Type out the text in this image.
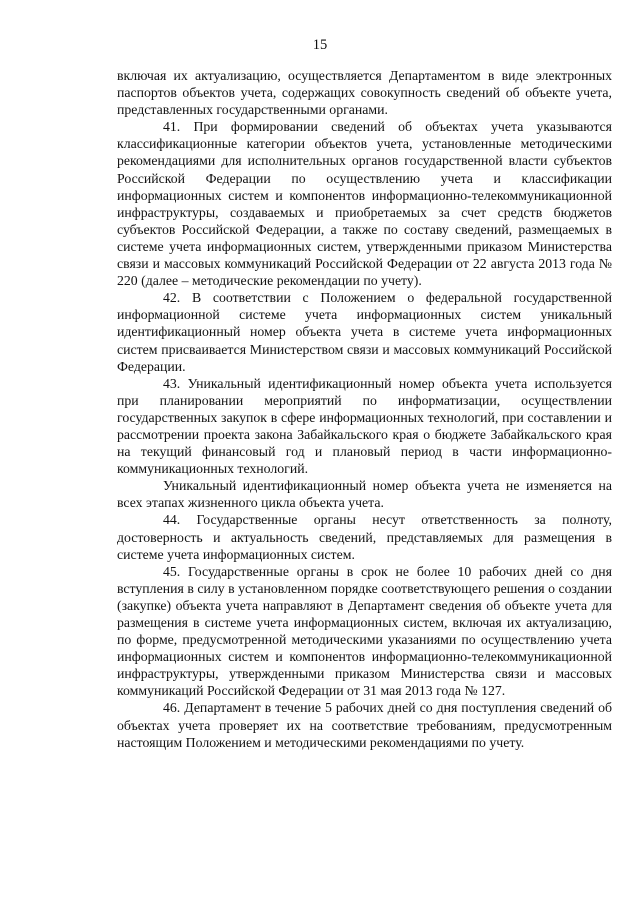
15

включая их актуализацию, осуществляется Департаментом в виде электронных паспортов объектов учета, содержащих совокупность сведений об объекте учета, представленных государственными органами.

41. При формировании сведений об объектах учета указываются классификационные категории объектов учета, установленные методическими рекомендациями для исполнительных органов государственной власти субъектов Российской Федерации по осуществлению учета и классификации информационных систем и компонентов информационно-телекоммуникационной инфраструктуры, создаваемых и приобретаемых за счет средств бюджетов субъектов Российской Федерации, а также по составу сведений, размещаемых в системе учета информационных систем, утвержденными приказом Министерства связи и массовых коммуникаций Российской Федерации от 22 августа 2013 года № 220 (далее – методические рекомендации по учету).

42. В соответствии с Положением о федеральной государственной информационной системе учета информационных систем уникальный идентификационный номер объекта учета в системе учета информационных систем присваивается Министерством связи и массовых коммуникаций Российской Федерации.

43. Уникальный идентификационный номер объекта учета используется при планировании мероприятий по информатизации, осуществлении государственных закупок в сфере информационных технологий, при составлении и рассмотрении проекта закона Забайкальского края о бюджете Забайкальского края на текущий финансовый год и плановый период в части информационно-коммуникационных технологий.

Уникальный идентификационный номер объекта учета не изменяется на всех этапах жизненного цикла объекта учета.

44. Государственные органы несут ответственность за полноту, достоверность и актуальность сведений, представляемых для размещения в системе учета информационных систем.

45. Государственные органы в срок не более 10 рабочих дней со дня вступления в силу в установленном порядке соответствующего решения о создании (закупке) объекта учета направляют в Департамент сведения об объекте учета для размещения в системе учета информационных систем, включая их актуализацию, по форме, предусмотренной методическими указаниями по осуществлению учета информационных систем и компонентов информационно-телекоммуникационной инфраструктуры, утвержденными приказом Министерства связи и массовых коммуникаций Российской Федерации от 31 мая 2013 года № 127.

46. Департамент в течение 5 рабочих дней со дня поступления сведений об объектах учета проверяет их на соответствие требованиям, предусмотренным настоящим Положением и методическими рекомендациями по учету.
